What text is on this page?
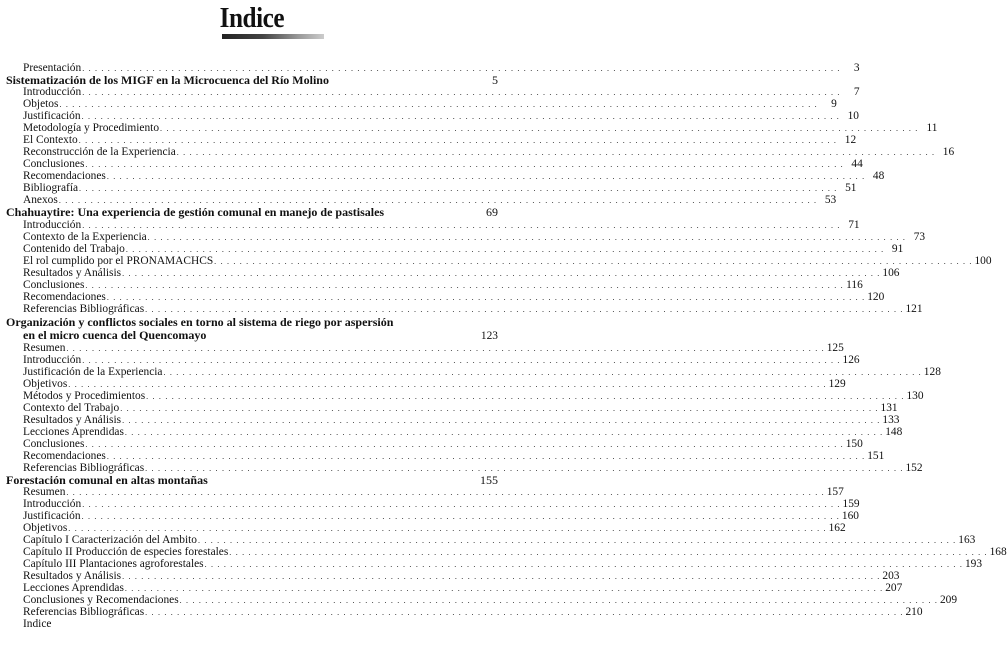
Indice
Presentación . . . . . . . . . . . . . . . . . . . . . . . . . . . . . . . . . . . . . . . . . . . . . . . . . . . . . . . . . . . . . . . . . . . . . . . . . . . . . . . . . . . . . . . . . . . . . . . . . . . . . . . . . . . . . . . . . . . . . . .	3
Sistematización de los MIGF en la Microcuenca del Río Molino	5
Introducción . . . . . . . . . . . . . . . . . . . . . . . . . . . . . . . . . . . . . . . . . . . . . . . . . . . . . . . . . . . . . . . . . . . . . . . . . . . . . . . . . . . . . . . . . . . . . . . . . . . . . . . . . . . . . . . . . . . . . . .	7
Objetos . . . . . . . . . . . . . . . . . . . . . . . . . . . . . . . . . . . . . . . . . . . . . . . . . . . . . . . . . . . . . . . . . . . . . . . . . . . . . . . . . . . . . . . . . . . . . . . . . . . . . . . . . . . . . . . . . . . . . . .	9
Justificación . . . . . . . . . . . . . . . . . . . . . . . . . . . . . . . . . . . . . . . . . . . . . . . . . . . . . . . . . . . . . . . . . . . . . . . . . . . . . . . . . . . . . . . . . . . . . . . . . . . . . . . . . . . . . . . . . . . . . . . 10
Metodología y Procedimiento . . . . . . . . . . . . . . . . . . . . . . . . . . . . . . . . . . . . . . . . . . . . . . . . . . . . . . . . . . . . . . . . . . . . . . . . . . . . . . . . . . . . . . . . . . . . . . . . . . . . . . . . . . . . . . . . . . . . . . . 11
El Contexto . . . . . . . . . . . . . . . . . . . . . . . . . . . . . . . . . . . . . . . . . . . . . . . . . . . . . . . . . . . . . . . . . . . . . . . . . . . . . . . . . . . . . . . . . . . . . . . . . . . . . . . . . . . . . . . . . . . . . . . 12
Reconstrucción de la Experiencia . . . . . . . . . . . . . . . . . . . . . . . . . . . . . . . . . . . . . . . . . . . . . . . . . . . . . . . . . . . . . . . . . . . . . . . . . . . . . . . . . . . . . . . . . . . . . . . . . . . . . . . . . . . . . . . . . . . . . . . 16
Conclusiones . . . . . . . . . . . . . . . . . . . . . . . . . . . . . . . . . . . . . . . . . . . . . . . . . . . . . . . . . . . . . . . . . . . . . . . . . . . . . . . . . . . . . . . . . . . . . . . . . . . . . . . . . . . . . . . . . . . . . . . 44
Recomendaciones . . . . . . . . . . . . . . . . . . . . . . . . . . . . . . . . . . . . . . . . . . . . . . . . . . . . . . . . . . . . . . . . . . . . . . . . . . . . . . . . . . . . . . . . . . . . . . . . . . . . . . . . . . . . . . . . . . . . . . . 48
Bibliografía . . . . . . . . . . . . . . . . . . . . . . . . . . . . . . . . . . . . . . . . . . . . . . . . . . . . . . . . . . . . . . . . . . . . . . . . . . . . . . . . . . . . . . . . . . . . . . . . . . . . . . . . . . . . . . . . . . . . . . . 51
Anexos . . . . . . . . . . . . . . . . . . . . . . . . . . . . . . . . . . . . . . . . . . . . . . . . . . . . . . . . . . . . . . . . . . . . . . . . . . . . . . . . . . . . . . . . . . . . . . . . . . . . . . . . . . . . . . . . . . . . . . . 53
Chahuaytire: Una experiencia de gestión comunal en manejo de pastisales	69
Introducción . . . . . . . . . . . . . . . . . . . . . . . . . . . . . . . . . . . . . . . . . . . . . . . . . . . . . . . . . . . . . . . . . . . . . . . . . . . . . . . . . . . . . . . . . . . . . . . . . . . . . . . . . . . . . . . . . . . . . . . 71
Contexto de la Experiencia . . . . . . . . . . . . . . . . . . . . . . . . . . . . . . . . . . . . . . . . . . . . . . . . . . . . . . . . . . . . . . . . . . . . . . . . . . . . . . . . . . . . . . . . . . . . . . . . . . . . . . . . . . . . . . . . . . . . . . . 73
Contenido del Trabajo . . . . . . . . . . . . . . . . . . . . . . . . . . . . . . . . . . . . . . . . . . . . . . . . . . . . . . . . . . . . . . . . . . . . . . . . . . . . . . . . . . . . . . . . . . . . . . . . . . . . . . . . . . . . . . . . . . . . . . . 91
El rol cumplido por el PRONAMACHCS . . . . . . . . . . . . . . . . . . . . . . . . . . . . . . . . . . . . . . . . . . . . . . . . . . . . . . . . . . . . . . . . . . . . . . . . . . . . . . . . . . . . . . . . . . . . . . . . . . . . . . . . . . . . . . . . . . . . . . . 100
Resultados y Análisis . . . . . . . . . . . . . . . . . . . . . . . . . . . . . . . . . . . . . . . . . . . . . . . . . . . . . . . . . . . . . . . . . . . . . . . . . . . . . . . . . . . . . . . . . . . . . . . . . . . . . . . . . . . . . . . . . . . . . . . 106
Conclusiones . . . . . . . . . . . . . . . . . . . . . . . . . . . . . . . . . . . . . . . . . . . . . . . . . . . . . . . . . . . . . . . . . . . . . . . . . . . . . . . . . . . . . . . . . . . . . . . . . . . . . . . . . . . . . . . . . . . . . . . 116
Recomendaciones . . . . . . . . . . . . . . . . . . . . . . . . . . . . . . . . . . . . . . . . . . . . . . . . . . . . . . . . . . . . . . . . . . . . . . . . . . . . . . . . . . . . . . . . . . . . . . . . . . . . . . . . . . . . . . . . . . . . . . . 120
Referencias Bibliográficas . . . . . . . . . . . . . . . . . . . . . . . . . . . . . . . . . . . . . . . . . . . . . . . . . . . . . . . . . . . . . . . . . . . . . . . . . . . . . . . . . . . . . . . . . . . . . . . . . . . . . . . . . . . . . . . . . . . . . . . 121
Organización y conflictos sociales en torno al sistema de riego por aspersión
en el micro cuenca del Quencomayo	123
Resumen . . . . . . . . . . . . . . . . . . . . . . . . . . . . . . . . . . . . . . . . . . . . . . . . . . . . . . . . . . . . . . . . . . . . . . . . . . . . . . . . . . . . . . . . . . . . . . . . . . . . . . . . . . . . . . . . . . . . . . . 125
Introducción . . . . . . . . . . . . . . . . . . . . . . . . . . . . . . . . . . . . . . . . . . . . . . . . . . . . . . . . . . . . . . . . . . . . . . . . . . . . . . . . . . . . . . . . . . . . . . . . . . . . . . . . . . . . . . . . . . . . . . . 126
Justificación de la Experiencia . . . . . . . . . . . . . . . . . . . . . . . . . . . . . . . . . . . . . . . . . . . . . . . . . . . . . . . . . . . . . . . . . . . . . . . . . . . . . . . . . . . . . . . . . . . . . . . . . . . . . . . . . . . . . . . . . . . . . . . 128
Objetivos . . . . . . . . . . . . . . . . . . . . . . . . . . . . . . . . . . . . . . . . . . . . . . . . . . . . . . . . . . . . . . . . . . . . . . . . . . . . . . . . . . . . . . . . . . . . . . . . . . . . . . . . . . . . . . . . . . . . . . . 129
Métodos y Procedimientos . . . . . . . . . . . . . . . . . . . . . . . . . . . . . . . . . . . . . . . . . . . . . . . . . . . . . . . . . . . . . . . . . . . . . . . . . . . . . . . . . . . . . . . . . . . . . . . . . . . . . . . . . . . . . . . . . . . . . . . 130
Contexto del Trabajo . . . . . . . . . . . . . . . . . . . . . . . . . . . . . . . . . . . . . . . . . . . . . . . . . . . . . . . . . . . . . . . . . . . . . . . . . . . . . . . . . . . . . . . . . . . . . . . . . . . . . . . . . . . . . . . . . . . . . . . 131
Resultados y Análisis . . . . . . . . . . . . . . . . . . . . . . . . . . . . . . . . . . . . . . . . . . . . . . . . . . . . . . . . . . . . . . . . . . . . . . . . . . . . . . . . . . . . . . . . . . . . . . . . . . . . . . . . . . . . . . . . . . . . . . . 133
Lecciones Aprendidas . . . . . . . . . . . . . . . . . . . . . . . . . . . . . . . . . . . . . . . . . . . . . . . . . . . . . . . . . . . . . . . . . . . . . . . . . . . . . . . . . . . . . . . . . . . . . . . . . . . . . . . . . . . . . . . . . . . . . . . 148
Conclusiones . . . . . . . . . . . . . . . . . . . . . . . . . . . . . . . . . . . . . . . . . . . . . . . . . . . . . . . . . . . . . . . . . . . . . . . . . . . . . . . . . . . . . . . . . . . . . . . . . . . . . . . . . . . . . . . . . . . . . . . 150
Recomendaciones . . . . . . . . . . . . . . . . . . . . . . . . . . . . . . . . . . . . . . . . . . . . . . . . . . . . . . . . . . . . . . . . . . . . . . . . . . . . . . . . . . . . . . . . . . . . . . . . . . . . . . . . . . . . . . . . . . . . . . . 151
Referencias Bibliográficas . . . . . . . . . . . . . . . . . . . . . . . . . . . . . . . . . . . . . . . . . . . . . . . . . . . . . . . . . . . . . . . . . . . . . . . . . . . . . . . . . . . . . . . . . . . . . . . . . . . . . . . . . . . . . . . . . . . . . . . 152
Forestación comunal en altas montañas	155
Resumen . . . . . . . . . . . . . . . . . . . . . . . . . . . . . . . . . . . . . . . . . . . . . . . . . . . . . . . . . . . . . . . . . . . . . . . . . . . . . . . . . . . . . . . . . . . . . . . . . . . . . . . . . . . . . . . . . . . . . . . 157
Introducción . . . . . . . . . . . . . . . . . . . . . . . . . . . . . . . . . . . . . . . . . . . . . . . . . . . . . . . . . . . . . . . . . . . . . . . . . . . . . . . . . . . . . . . . . . . . . . . . . . . . . . . . . . . . . . . . . . . . . . . 159
Justificación . . . . . . . . . . . . . . . . . . . . . . . . . . . . . . . . . . . . . . . . . . . . . . . . . . . . . . . . . . . . . . . . . . . . . . . . . . . . . . . . . . . . . . . . . . . . . . . . . . . . . . . . . . . . . . . . . . . . . . . 160
Objetivos . . . . . . . . . . . . . . . . . . . . . . . . . . . . . . . . . . . . . . . . . . . . . . . . . . . . . . . . . . . . . . . . . . . . . . . . . . . . . . . . . . . . . . . . . . . . . . . . . . . . . . . . . . . . . . . . . . . . . . . 162
Capítulo I Caracterización del Ambito . . . . . . . . . . . . . . . . . . . . . . . . . . . . . . . . . . . . . . . . . . . . . . . . . . . . . . . . . . . . . . . . . . . . . . . . . . . . . . . . . . . . . . . . . . . . . . . . . . . . . . . . . . . . . . . . . . . . . . . 163
Capítulo II Producción de especies forestales . . . . . . . . . . . . . . . . . . . . . . . . . . . . . . . . . . . . . . . . . . . . . . . . . . . . . . . . . . . . . . . . . . . . . . . . . . . . . . . . . . . . . . . . . . . . . . . . . . . . . . . . . . . . . . . . . . . . . . . 168
Capítulo III Plantaciones agroforestales . . . . . . . . . . . . . . . . . . . . . . . . . . . . . . . . . . . . . . . . . . . . . . . . . . . . . . . . . . . . . . . . . . . . . . . . . . . . . . . . . . . . . . . . . . . . . . . . . . . . . . . . . . . . . . . . . . . . . . . 193
Resultados y Análisis . . . . . . . . . . . . . . . . . . . . . . . . . . . . . . . . . . . . . . . . . . . . . . . . . . . . . . . . . . . . . . . . . . . . . . . . . . . . . . . . . . . . . . . . . . . . . . . . . . . . . . . . . . . . . . . . . . . . . . . 203
Lecciones Aprendidas . . . . . . . . . . . . . . . . . . . . . . . . . . . . . . . . . . . . . . . . . . . . . . . . . . . . . . . . . . . . . . . . . . . . . . . . . . . . . . . . . . . . . . . . . . . . . . . . . . . . . . . . . . . . . . . . . . . . . . . 207
Conclusiones y Recomendaciones . . . . . . . . . . . . . . . . . . . . . . . . . . . . . . . . . . . . . . . . . . . . . . . . . . . . . . . . . . . . . . . . . . . . . . . . . . . . . . . . . . . . . . . . . . . . . . . . . . . . . . . . . . . . . . . . . . . . . . . 209
Referencias Bibliográficas . . . . . . . . . . . . . . . . . . . . . . . . . . . . . . . . . . . . . . . . . . . . . . . . . . . . . . . . . . . . . . . . . . . . . . . . . . . . . . . . . . . . . . . . . . . . . . . . . . . . . . . . . . . . . . . . . . . . . . . 210
Indice
